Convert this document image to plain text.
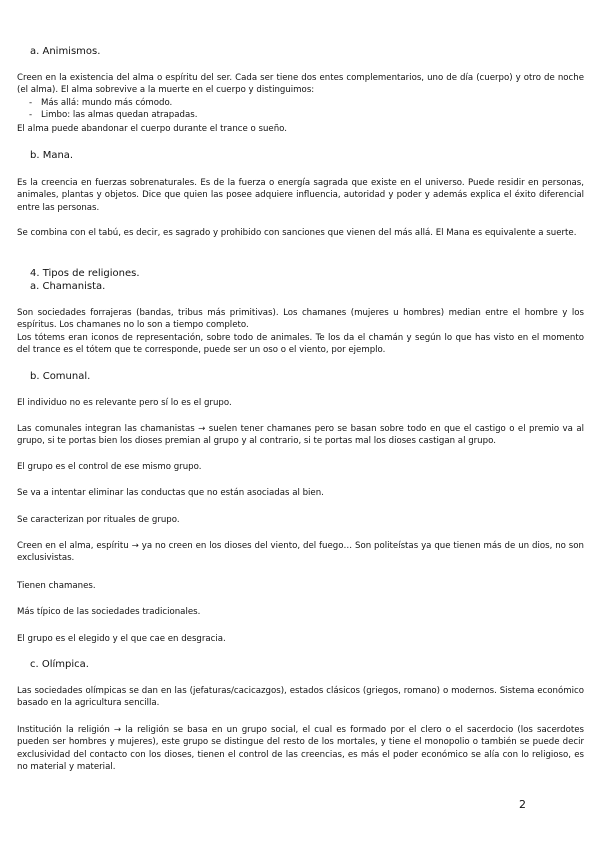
a. Animismos.
Creen en la existencia del alma o espíritu del ser. Cada ser tiene dos entes complementarios, uno de día (cuerpo) y otro de noche (el alma). El alma sobrevive a la muerte en el cuerpo y distinguimos:
- Más allá: mundo más cómodo.
- Limbo: las almas quedan atrapadas.
El alma puede abandonar el cuerpo durante el trance o sueño.
b. Mana.
Es la creencia en fuerzas sobrenaturales. Es de la fuerza o energía sagrada que existe en el universo. Puede residir en personas, animales, plantas y objetos. Dice que quien las posee adquiere influencia, autoridad y poder y además explica el éxito diferencial entre las personas.
Se combina con el tabú, es decir, es sagrado y prohibido con sanciones que vienen del más allá. El Mana es equivalente a suerte.
4. Tipos de religiones.
a. Chamanista.
Son sociedades forrajeras (bandas, tribus más primitivas). Los chamanes (mujeres u hombres) median entre el hombre y los espíritus. Los chamanes no lo son a tiempo completo.
Los tótems eran iconos de representación, sobre todo de animales. Te los da el chamán y según lo que has visto en el momento del trance es el tótem que te corresponde, puede ser un oso o el viento, por ejemplo.
b. Comunal.
El individuo no es relevante pero sí lo es el grupo.
Las comunales integran las chamanistas → suelen tener chamanes pero se basan sobre todo en que el castigo o el premio va al grupo, si te portas bien los dioses premian al grupo y al contrario, si te portas mal los dioses castigan al grupo.
El grupo es el control de ese mismo grupo.
Se va a intentar eliminar las conductas que no están asociadas al bien.
Se caracterizan por rituales de grupo.
Creen en el alma, espíritu → ya no creen en los dioses del viento, del fuego… Son politeístas ya que tienen más de un dios, no son exclusivistas.
Tienen chamanes.
Más típico de las sociedades tradicionales.
El grupo es el elegido y el que cae en desgracia.
c. Olímpica.
Las sociedades olímpicas se dan en las (jefaturas/cacicazgos), estados clásicos (griegos, romano) o modernos. Sistema económico basado en la agricultura sencilla.
Institución la religión → la religión se basa en un grupo social, el cual es formado por el clero o el sacerdocio (los sacerdotes pueden ser hombres y mujeres), este grupo se distingue del resto de los mortales, y tiene el monopolio o también se puede decir exclusividad del contacto con los dioses, tienen el control de las creencias, es más el poder económico se alía con lo religioso, es no material y material.
2
